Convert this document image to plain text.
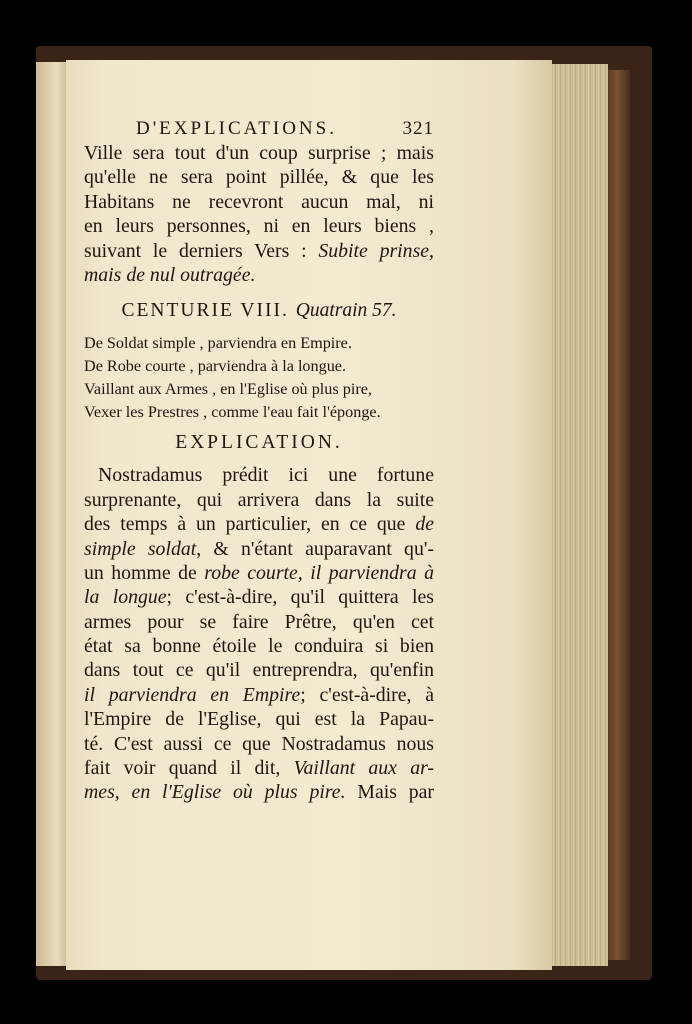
D'EXPLICATIONS.	321
Ville sera tout d'un coup surprise ; mais
qu'elle ne sera point pillée, & que les
Habitans ne recevront aucun mal, ni
en leurs personnes, ni en leurs biens ,
suivant le derniers Vers : Subite prinse,
mais de nul outragée.
CENTURIE VIII. Quatrain 57.
De Soldat simple , parviendra en Empire.
De Robe courte , parviendra à la longue.
Vaillant aux Armes , en l'Eglise où plus pire,
Vexer les Prestres , comme l'eau fait l'éponge.
EXPLICATION.
Nostradamus prédit ici une fortune
surprenante, qui arrivera dans la suite
des temps à un particulier, en ce que de
simple soldat, & n'étant auparavant qu'-
un homme de robe courte, il parviendra à
la longue; c'est-à-dire, qu'il quittera les
armes pour se faire Prêtre, qu'en cet
état sa bonne étoile le conduira si bien
dans tout ce qu'il entreprendra, qu'enfin
il parviendra en Empire; c'est-à-dire, à
l'Empire de l'Eglise, qui est la Papau-
té. C'est aussi ce que Nostradamus nous
fait voir quand il dit, Vaillant aux ar-
mes, en l'Eglise où plus pire. Mais par
